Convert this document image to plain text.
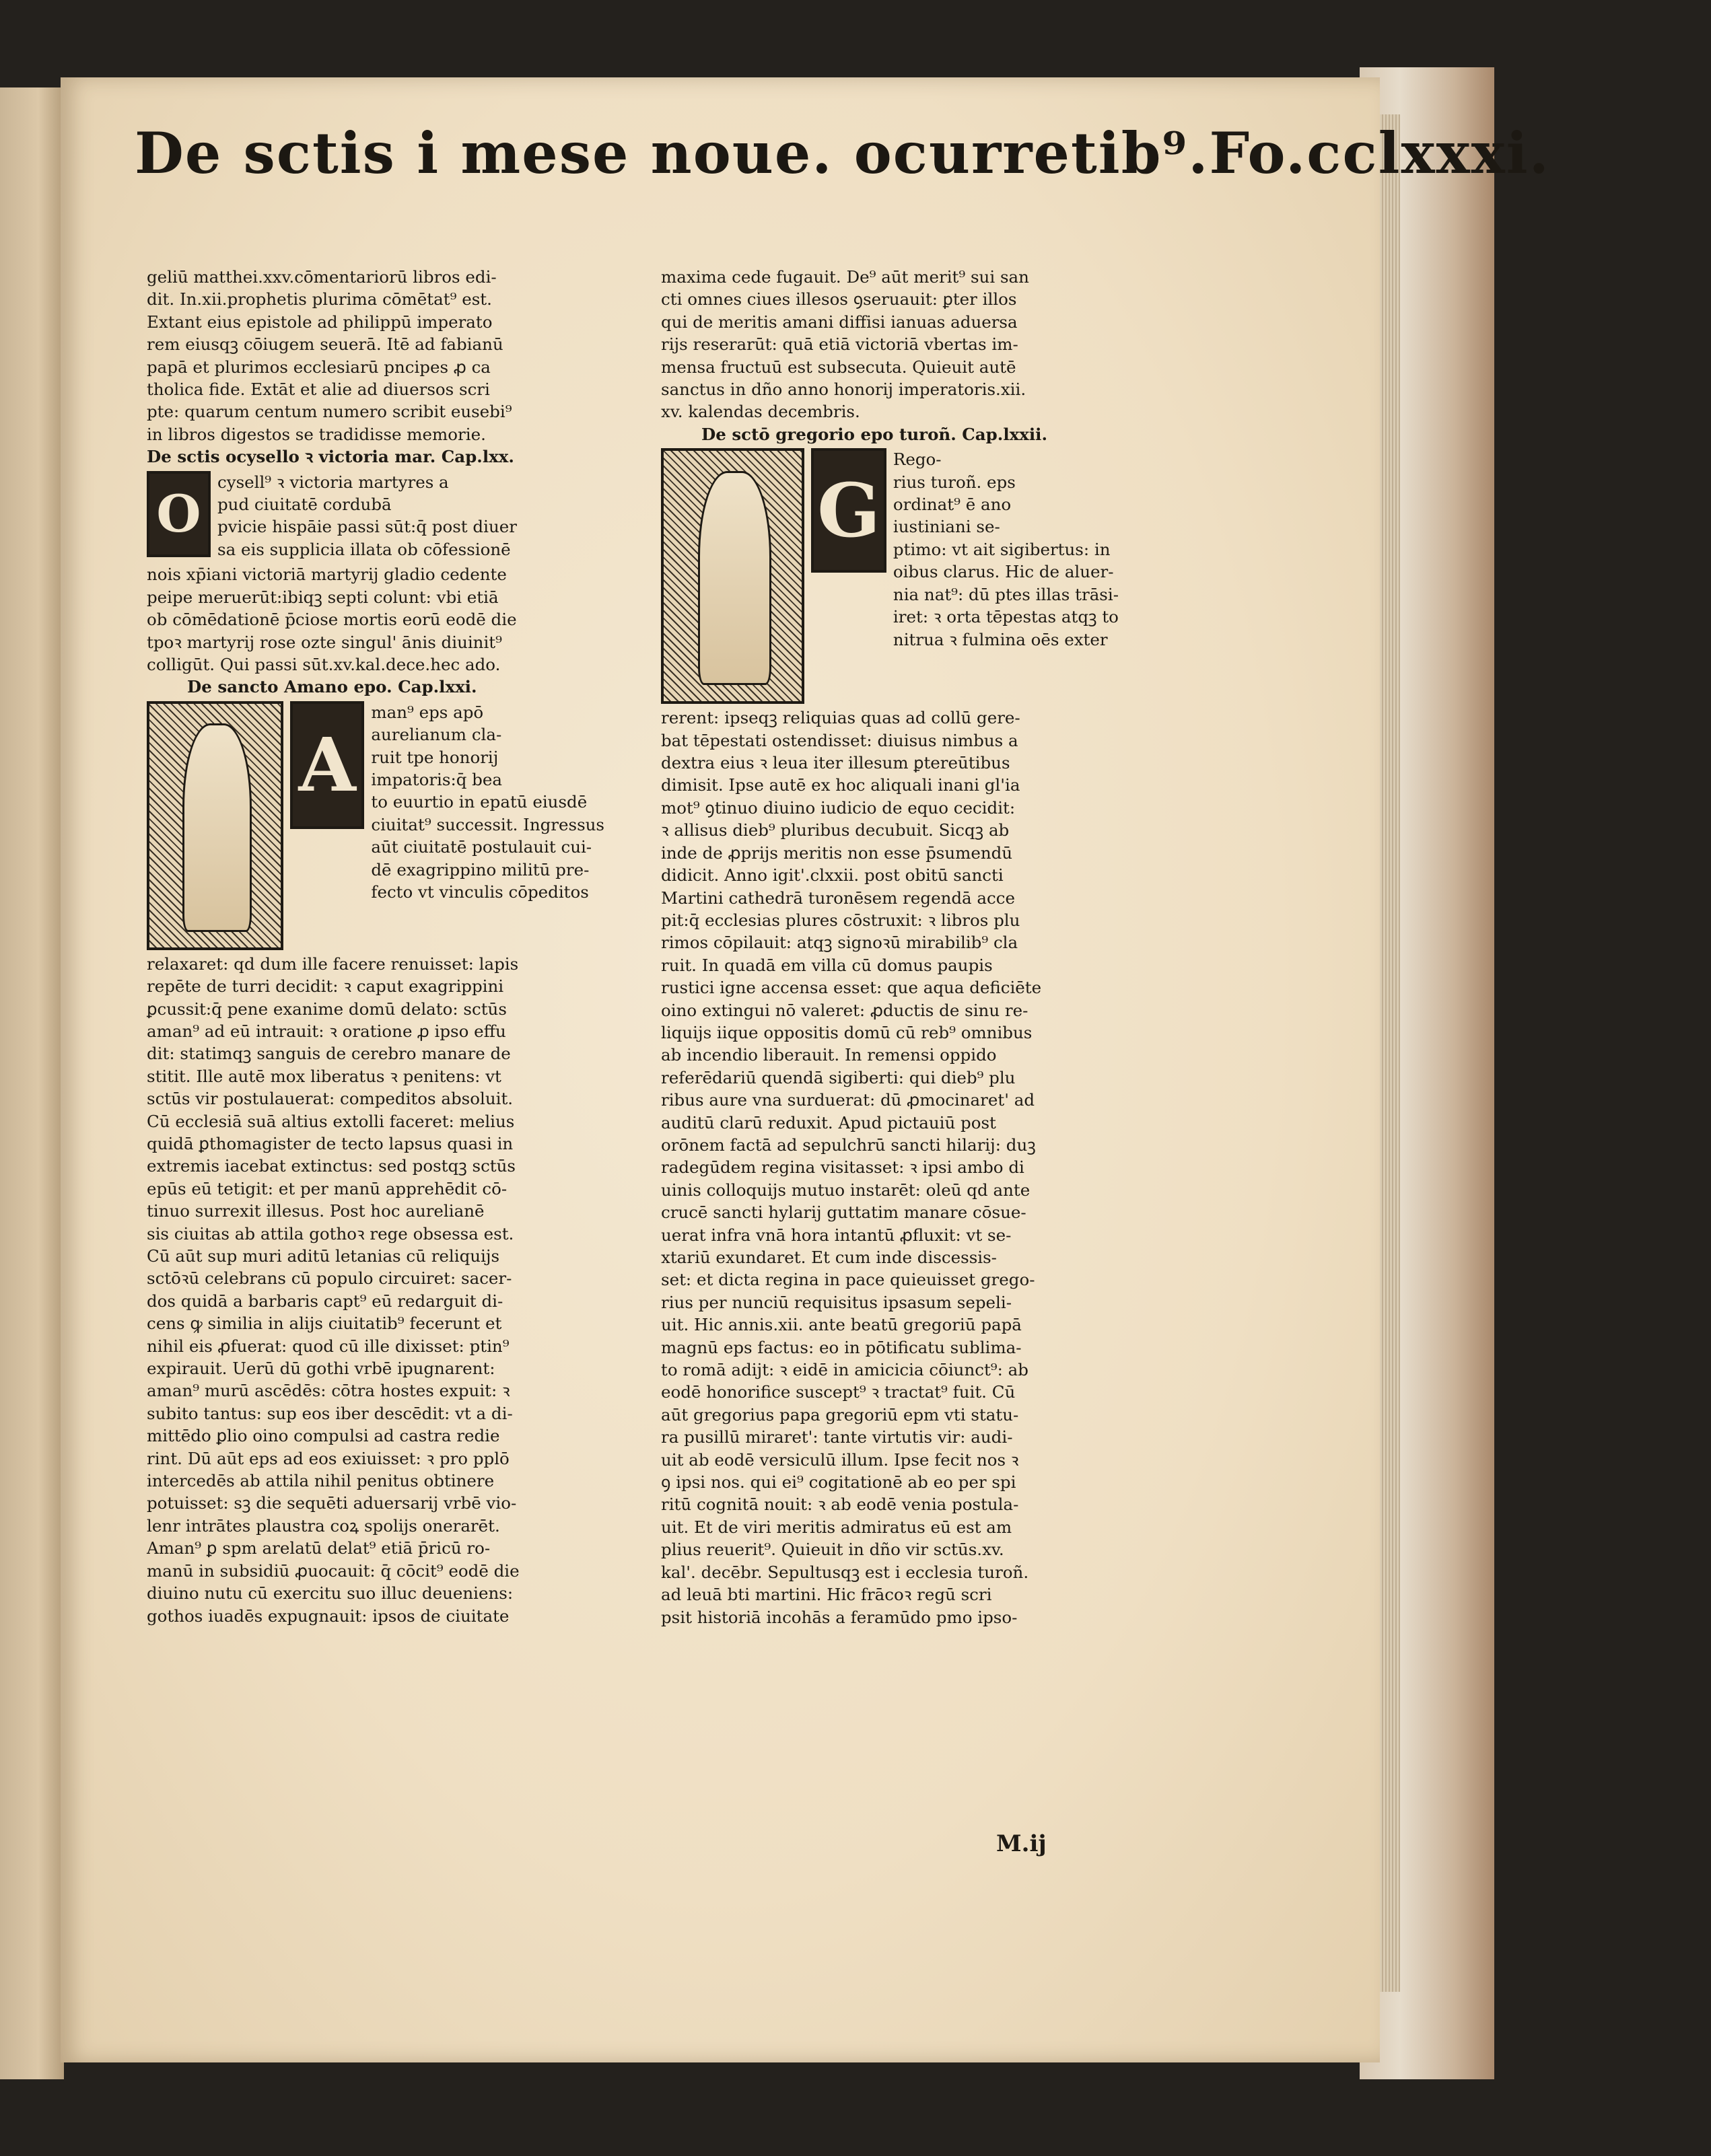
De sctis i mese noue. ocurretib⁹. Fo.cclxxxi.

geliū matthei.xxv.cōmentariorū libros edi-

dit. In.xii.prophetis plurima cōmētat⁹ est.

Extant eius epistole ad philippū imperato

rem eiusqꝫ cōiugem seuerā. Itē ad fabianū

papā et plurimos ecclesiarū pncipes ꝓ ca

tholica fide. Extāt et alie ad diuersos scri

pte: quarum centum numero scribit eusebi⁹

in libros digestos se tradidisse memorie.

De sctis ocysello ꝛ victoria mar. Cap.lxx.

O

cysell⁹ ꝛ victoria martyres a

pud ciuitatē cordubā

pvicie hispāie passi sūt:q̄ post diuer

sa eis supplicia illata ob cōfessionē

nois xp̄iani victoriā martyrij gladio cedente

peipe meruerūt:ibiqꝫ septi colunt: vbi etiā

ob cōmēdationē p̄ciose mortis eorū eodē die

tpoꝛ martyrij rose ozte singul' ānis diuinit⁹

colligūt. Qui passi sūt.xv.kal.dece.hec ado.

De sancto Amano epo. Cap.lxxi.

A

man⁹ eps apō

aurelianum cla-

ruit tpe honorij

impatoris:q̄ bea

to euurtio in epatū eiusdē

ciuitat⁹ successit. Ingressus

aūt ciuitatē postulauit cui-

dē exagrippino militū pre-

fecto vt vinculis cōpeditos

relaxaret: qd dum ille facere renuisset: lapis

repēte de turri decidit: ꝛ caput exagrippini

ꝑcussit:q̄ pene exanime domū delato: sctūs

aman⁹ ad eū intrauit: ꝛ oratione ꝓ ipso effu

dit: statimqꝫ sanguis de cerebro manare de

stitit. Ille autē mox liberatus ꝛ penitens: vt

sctūs vir postulauerat: compeditos absoluit.

Cū ecclesiā suā altius extolli faceret: melius

quidā ꝑthomagister de tecto lapsus quasi in

extremis iacebat extinctus: sed postqꝫ sctūs

epūs eū tetigit: et per manū apprehēdit cō-

tinuo surrexit illesus. Post hoc aurelianē

sis ciuitas ab attila gothoꝛ rege obsessa est.

Cū aūt sup muri aditū letanias cū reliquijs

sctōꝛū celebrans cū populo circuiret: sacer-

dos quidā a barbaris capt⁹ eū redarguit di-

cens ꝙ similia in alijs ciuitatib⁹ fecerunt et

nihil eis ꝓfuerat: quod cū ille dixisset: ptin⁹

expirauit. Uerū dū gothi vrbē ipugnarent:

aman⁹ murū ascēdēs: cōtra hostes expuit: ꝛ

subito tantus: sup eos iber descēdit: vt a di-

mittēdo ꝑlio oino compulsi ad castra redie

rint. Dū aūt eps ad eos exiuisset: ꝛ pro pplō

intercedēs ab attila nihil penitus obtinere

potuisset: sꝫ die sequēti aduersarij vrbē vio-

lenr intrātes plaustra coꝝ spolijs onerarēt.

Aman⁹ ꝑ spm arelatū delat⁹ etiā p̄ricū ro-

manū in subsidiū ꝓuocauit: q̄ cōcit⁹ eodē die

diuino nutu cū exercitu suo illuc deueniens:

gothos iuadēs expugnauit: ipsos de ciuitate

maxima cede fugauit. De⁹ aūt merit⁹ sui san

cti omnes ciues illesos ꝯseruauit: ꝑter illos

qui de meritis amani diffisi ianuas aduersa

rijs reserarūt: quā etiā victoriā vbertas im-

mensa fructuū est subsecuta. Quieuit autē

sanctus in dño anno honorij imperatoris.xii.

xv. kalendas decembris.

De sctō gregorio epo turoñ. Cap.lxxii.

G

Rego-

rius turoñ. eps

ordinat⁹ ē ano

iustiniani se-

ptimo: vt ait sigibertus: in

oibus clarus. Hic de aluer-

nia nat⁹: dū ptes illas trāsi-

iret: ꝛ orta tēpestas atqꝫ to

nitrua ꝛ fulmina oēs exter

rerent: ipseqꝫ reliquias quas ad collū gere-

bat tēpestati ostendisset: diuisus nimbus a

dextra eius ꝛ leua iter illesum ꝑtereūtibus

dimisit. Ipse autē ex hoc aliquali inani gl'ia

mot⁹ ꝯtinuo diuino iudicio de equo cecidit:

ꝛ allisus dieb⁹ pluribus decubuit. Sicqꝫ ab

inde de ꝓprijs meritis non esse p̄sumendū

didicit. Anno igit'.clxxii. post obitū sancti

Martini cathedrā turonēsem regendā acce

pit:q̄ ecclesias plures cōstruxit: ꝛ libros plu

rimos cōpilauit: atqꝫ signoꝛū mirabilib⁹ cla

ruit. In quadā em villa cū domus paupis

rustici igne accensa esset: que aqua deficiēte

oino extingui nō valeret: ꝓductis de sinu re-

liquijs iique oppositis domū cū reb⁹ omnibus

ab incendio liberauit. In remensi oppido

referēdariū quendā sigiberti: qui dieb⁹ plu

ribus aure vna surduerat: dū ꝓmocinaret' ad

auditū clarū reduxit. Apud pictauiū post

orōnem factā ad sepulchrū sancti hilarij: duꝫ

radegūdem regina visitasset: ꝛ ipsi ambo di

uinis colloquijs mutuo instarēt: oleū qd ante

crucē sancti hylarij guttatim manare cōsue-

uerat infra vnā hora intantū ꝓfluxit: vt se-

xtariū exundaret. Et cum inde discessis-

set: et dicta regina in pace quieuisset grego-

rius per nunciū requisitus ipsasum sepeli-

uit. Hic annis.xii. ante beatū gregoriū papā

magnū eps factus: eo in pōtificatu sublima-

to romā adijt: ꝛ eidē in amicicia cōiunct⁹: ab

eodē honorifice suscept⁹ ꝛ tractat⁹ fuit. Cū

aūt gregorius papa gregoriū epm vti statu-

ra pusillū miraret': tante virtutis vir: audi-

uit ab eodē versiculū illum. Ipse fecit nos ꝛ

ꝯ ipsi nos. qui ei⁹ cogitationē ab eo per spi

ritū cognitā nouit: ꝛ ab eodē venia postula-

uit. Et de viri meritis admiratus eū est am

plius reuerit⁹. Quieuit in dño vir sctūs.xv.

kal'. decēbr. Sepultusqꝫ est i ecclesia turoñ.

ad leuā bti martini. Hic frācoꝛ regū scri

psit historiā incohās a feramūdo pmo ipso-

M.ij
